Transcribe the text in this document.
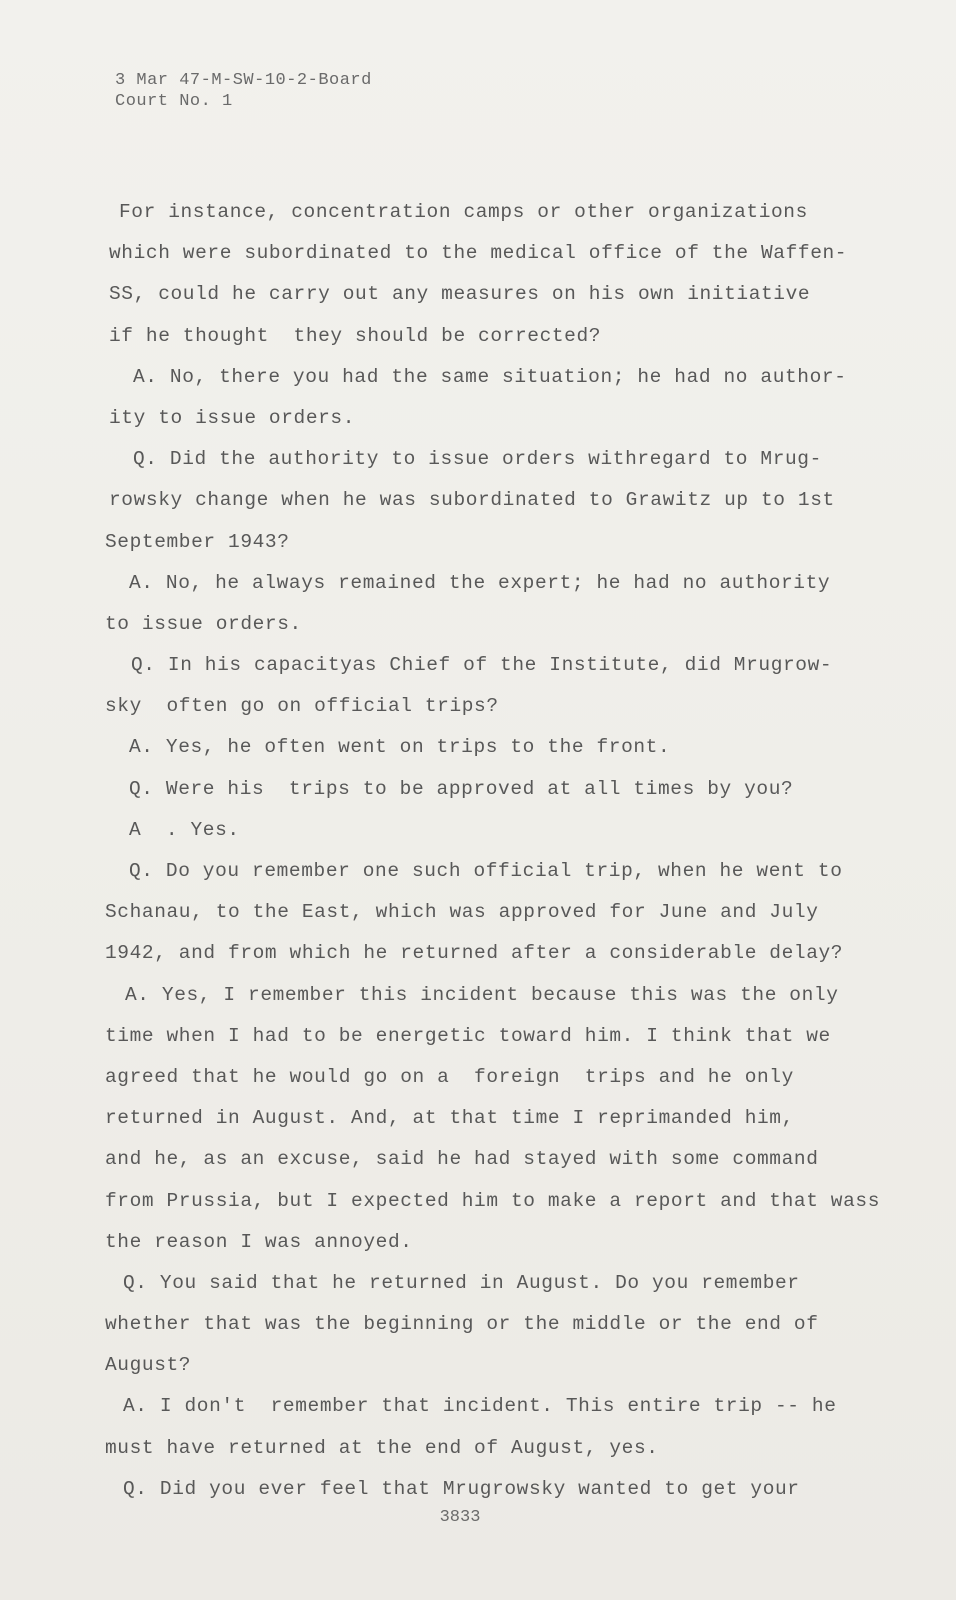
3 Mar 47-M-SW-10-2-Board
Court No. 1
For instance, concentration camps or other organizations
which were subordinated to the medical office of the Waffen-
SS, could he carry out any measures on his own initiative
if he thought  they should be corrected?
A. No, there you had the same situation; he had no author-
ity to issue orders.
Q. Did the authority to issue orders withregard to Mrug-
rowsky change when he was subordinated to Grawitz up to 1st
September 1943?
A. No, he always remained the expert; he had no authority
to issue orders.
Q. In his capacityas Chief of the Institute, did Mrugrow-
sky  often go on official trips?
A. Yes, he often went on trips to the front.
Q. Were his  trips to be approved at all times by you?
A  . Yes.
Q. Do you remember one such official trip, when he went to
Schanau, to the East, which was approved for June and July
1942, and from which he returned after a considerable delay?
A. Yes, I remember this incident because this was the only
time when I had to be energetic toward him. I think that we
agreed that he would go on a  foreign  trips and he only
returned in August. And, at that time I reprimanded him,
and he, as an excuse, said he had stayed with some command
from Prussia, but I expected him to make a report and that wass
the reason I was annoyed.
Q. You said that he returned in August. Do you remember
whether that was the beginning or the middle or the end of
August?
A. I don't  remember that incident. This entire trip -- he
must have returned at the end of August, yes.
Q. Did you ever feel that Mrugrowsky wanted to get your
3833
